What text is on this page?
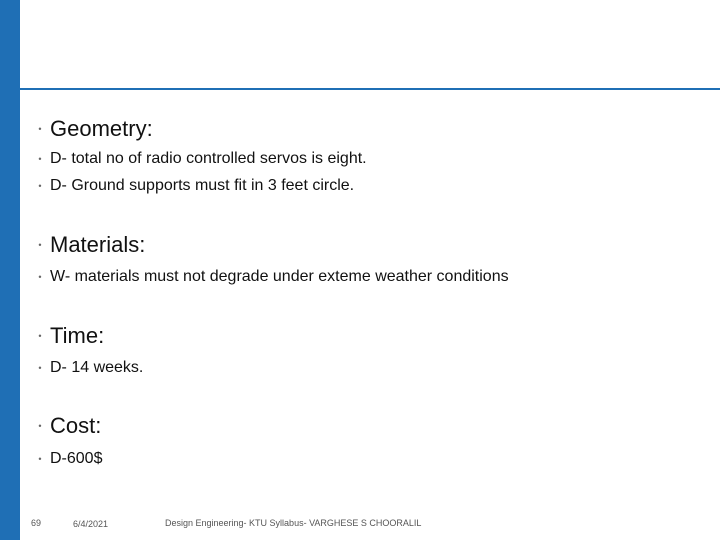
• Geometry:
• D- total no of radio controlled servos is eight.
• D- Ground supports must fit in 3 feet circle.
• Materials:
• W- materials must not degrade under exteme weather conditions
• Time:
• D- 14 weeks.
• Cost:
• D-600$
69	6/4/2021	Design Engineering- KTU Syllabus- VARGHESE S CHOORALIL
